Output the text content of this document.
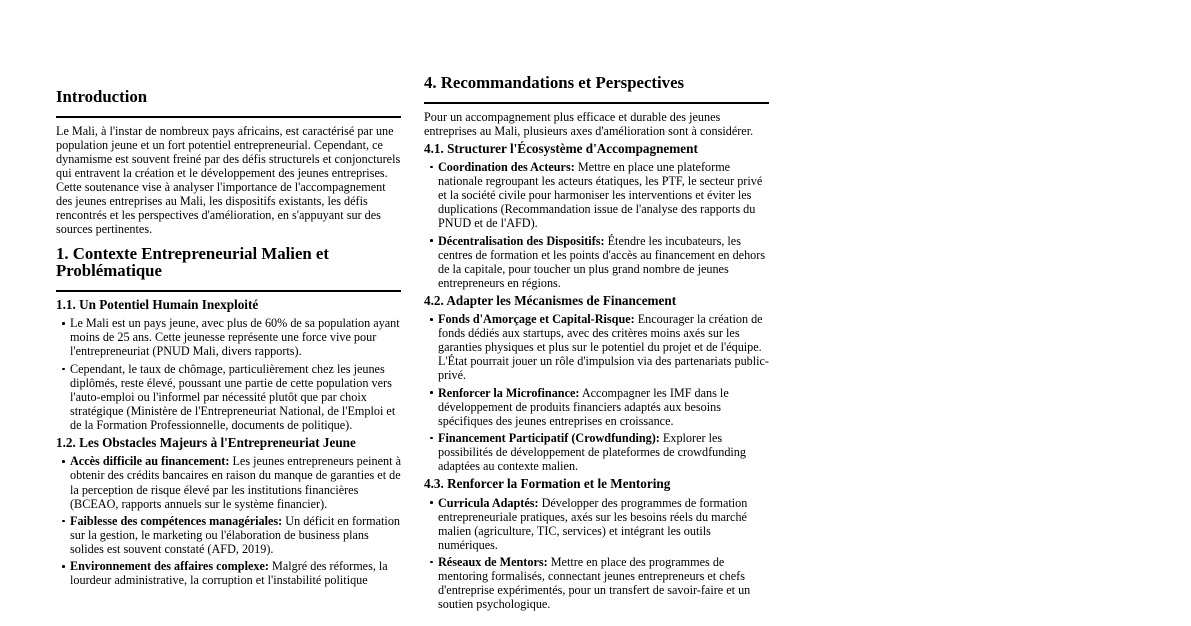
Introduction

Le Mali, à l'instar de nombreux pays africains, est caractérisé par une population jeune et un fort potentiel entrepreneurial. Cependant, ce dynamisme est souvent freiné par des défis structurels et conjoncturels qui entravent la création et le développement des jeunes entreprises. Cette soutenance vise à analyser l'importance de l'accompagnement des jeunes entreprises au Mali, les dispositifs existants, les défis rencontrés et les perspectives d'amélioration, en s'appuyant sur des sources pertinentes.

1. Contexte Entrepreneurial Malien et Problématique
1.1. Un Potentiel Humain Inexploité
Le Mali est un pays jeune, avec plus de 60% de sa population ayant moins de 25 ans. Cette jeunesse représente une force vive pour l'entrepreneuriat (PNUD Mali, divers rapports).
Cependant, le taux de chômage, particulièrement chez les jeunes diplômés, reste élevé, poussant une partie de cette population vers l'auto-emploi ou l'informel par nécessité plutôt que par choix stratégique (Ministère de l'Entrepreneuriat National, de l'Emploi et de la Formation Professionnelle, documents de politique).
1.2. Les Obstacles Majeurs à l'Entrepreneuriat Jeune
Accès difficile au financement: Les jeunes entrepreneurs peinent à obtenir des crédits bancaires en raison du manque de garanties et de la perception de risque élevé par les institutions financières (BCEAO, rapports annuels sur le système financier).
Faiblesse des compétences managériales: Un déficit en formation sur la gestion, le marketing ou l'élaboration de business plans solides est souvent constaté (AFD, 2019).
Environnement des affaires complexe: Malgré des réformes, la lourdeur administrative, la corruption et l'instabilité politique
4. Recommandations et Perspectives

Pour un accompagnement plus efficace et durable des jeunes entreprises au Mali, plusieurs axes d'amélioration sont à considérer.

4.1. Structurer l'Écosystème d'Accompagnement
Coordination des Acteurs: Mettre en place une plateforme nationale regroupant les acteurs étatiques, les PTF, le secteur privé et la société civile pour harmoniser les interventions et éviter les duplications (Recommandation issue de l'analyse des rapports du PNUD et de l'AFD).
Décentralisation des Dispositifs: Étendre les incubateurs, les centres de formation et les points d'accès au financement en dehors de la capitale, pour toucher un plus grand nombre de jeunes entrepreneurs en régions.
4.2. Adapter les Mécanismes de Financement
Fonds d'Amorçage et Capital-Risque: Encourager la création de fonds dédiés aux startups, avec des critères moins axés sur les garanties physiques et plus sur le potentiel du projet et de l'équipe. L'État pourrait jouer un rôle d'impulsion via des partenariats public-privé.
Renforcer la Microfinance: Accompagner les IMF dans le développement de produits financiers adaptés aux besoins spécifiques des jeunes entreprises en croissance.
Financement Participatif (Crowdfunding): Explorer les possibilités de développement de plateformes de crowdfunding adaptées au contexte malien.
4.3. Renforcer la Formation et le Mentoring
Curricula Adaptés: Développer des programmes de formation entrepreneuriale pratiques, axés sur les besoins réels du marché malien (agriculture, TIC, services) et intégrant les outils numériques.
Réseaux de Mentors: Mettre en place des programmes de mentoring formalisés, connectant jeunes entrepreneurs et chefs d'entreprise expérimentés, pour un transfert de savoir-faire et un soutien psychologique.
